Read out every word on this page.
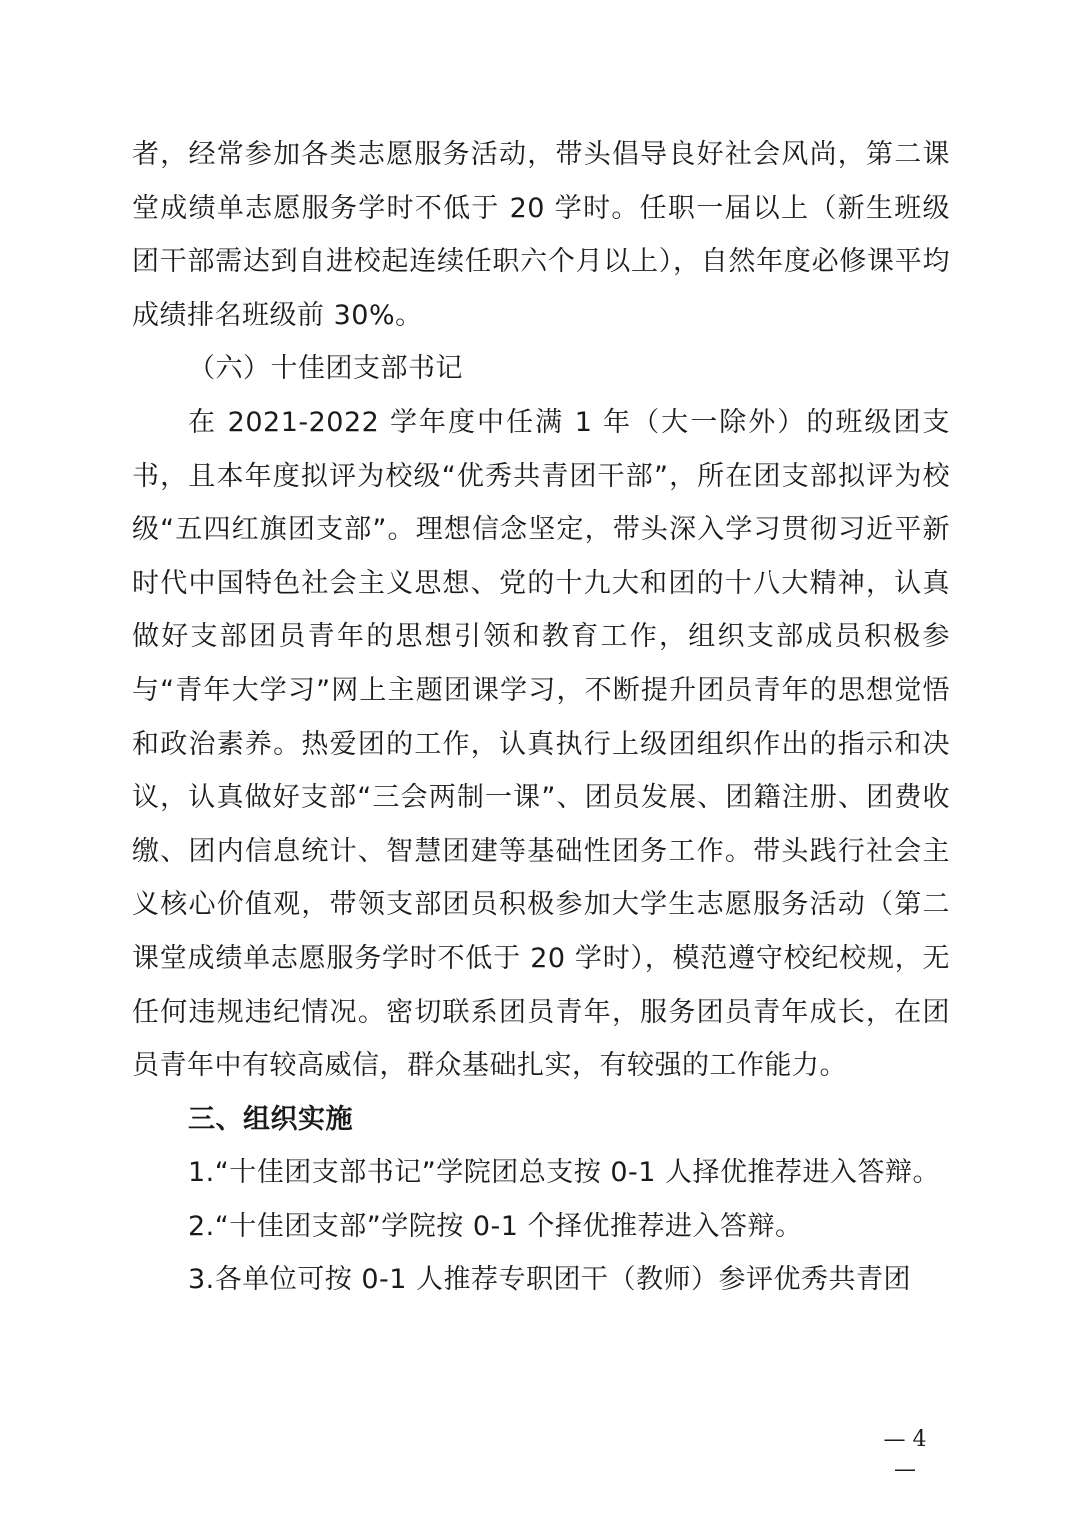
者，经常参加各类志愿服务活动，带头倡导良好社会风尚，第二课堂成绩单志愿服务学时不低于 20 学时。任职一届以上（新生班级团干部需达到自进校起连续任职六个月以上），自然年度必修课平均成绩排名班级前 30%。

（六）十佳团支部书记

在 2021-2022 学年度中任满 1 年（大一除外）的班级团支书，且本年度拟评为校级“优秀共青团干部”，所在团支部拟评为校级“五四红旗团支部”。理想信念坚定，带头深入学习贯彻习近平新时代中国特色社会主义思想、党的十九大和团的十八大精神，认真做好支部团员青年的思想引领和教育工作，组织支部成员积极参与“青年大学习”网上主题团课学习，不断提升团员青年的思想觉悟和政治素养。热爱团的工作，认真执行上级团组织作出的指示和决议，认真做好支部“三会两制一课”、团员发展、团籍注册、团费收缴、团内信息统计、智慧团建等基础性团务工作。带头践行社会主义核心价值观，带领支部团员积极参加大学生志愿服务活动（第二课堂成绩单志愿服务学时不低于 20 学时），模范遵守校纪校规，无任何违规违纪情况。密切联系团员青年，服务团员青年成长，在团员青年中有较高威信，群众基础扎实，有较强的工作能力。

三、组织实施

1.“十佳团支部书记”学院团总支按 0-1 人择优推荐进入答辩。

2.“十佳团支部”学院按 0-1 个择优推荐进入答辩。

3.各单位可按 0-1 人推荐专职团干（教师）参评优秀共青团

— 4 —
